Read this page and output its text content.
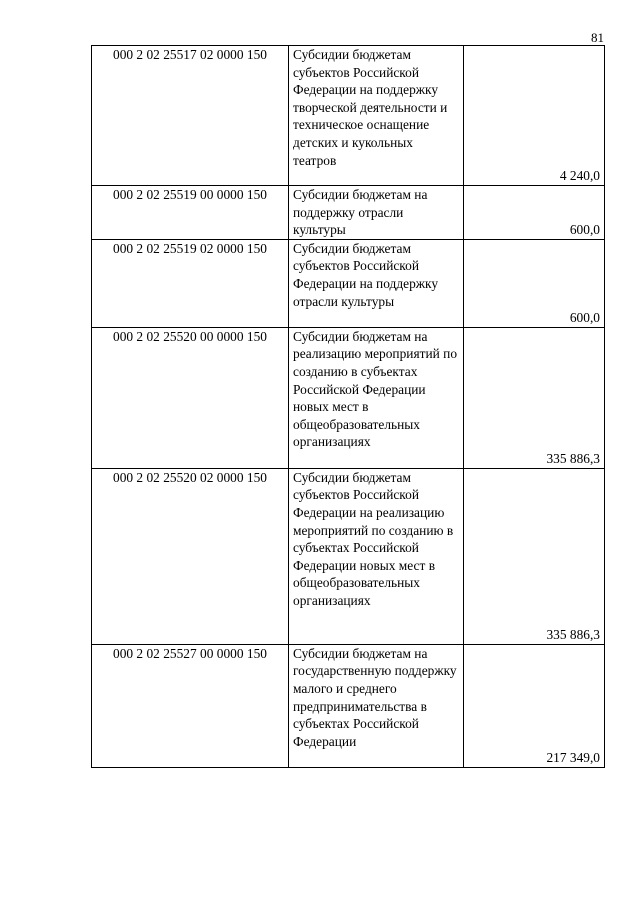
81
000 2 02 25517 02 0000 150	Субсидии бюджетам субъектов Российской Федерации на поддержку творческой деятельности и техническое оснащение детских и кукольных театров	4 240,0
000 2 02 25519 00 0000 150	Субсидии бюджетам на поддержку отрасли культуры	600,0
000 2 02 25519 02 0000 150	Субсидии бюджетам субъектов Российской Федерации на поддержку отрасли культуры	600,0
000 2 02 25520 00 0000 150	Субсидии бюджетам на реализацию мероприятий по созданию в субъектах Российской Федерации новых мест в общеобразовательных организациях	335 886,3
000 2 02 25520 02 0000 150	Субсидии бюджетам субъектов Российской Федерации на реализацию мероприятий по созданию в субъектах Российской Федерации новых мест в общеобразовательных организациях	335 886,3
000 2 02 25527 00 0000 150	Субсидии бюджетам на государственную поддержку малого и среднего предпринимательства в субъектах Российской Федерации	217 349,0
